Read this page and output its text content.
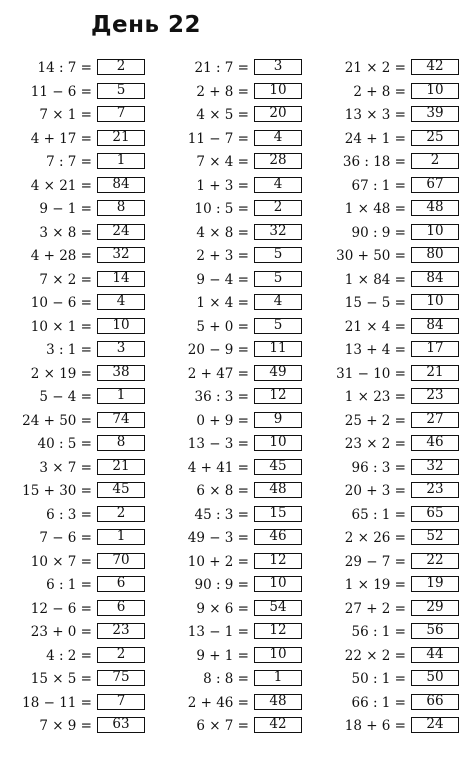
День 22
14 : 7 =	2
11 − 6 =	5
7 × 1 =	7
4 + 17 =	21
7 : 7 =	1
4 × 21 =	84
9 − 1 =	8
3 × 8 =	24
4 + 28 =	32
7 × 2 =	14
10 − 6 =	4
10 × 1 =	10
3 : 1 =	3
2 × 19 =	38
5 − 4 =	1
24 + 50 =	74
40 : 5 =	8
3 × 7 =	21
15 + 30 =	45
6 : 3 =	2
7 − 6 =	1
10 × 7 =	70
6 : 1 =	6
12 − 6 =	6
23 + 0 =	23
4 : 2 =	2
15 × 5 =	75
18 − 11 =	7
7 × 9 =	63
21 : 7 =	3
2 + 8 =	10
4 × 5 =	20
11 − 7 =	4
7 × 4 =	28
1 + 3 =	4
10 : 5 =	2
4 × 8 =	32
2 + 3 =	5
9 − 4 =	5
1 × 4 =	4
5 + 0 =	5
20 − 9 =	11
2 + 47 =	49
36 : 3 =	12
0 + 9 =	9
13 − 3 =	10
4 + 41 =	45
6 × 8 =	48
45 : 3 =	15
49 − 3 =	46
10 + 2 =	12
90 : 9 =	10
9 × 6 =	54
13 − 1 =	12
9 + 1 =	10
8 : 8 =	1
2 + 46 =	48
6 × 7 =	42
21 × 2 =	42
2 + 8 =	10
13 × 3 =	39
24 + 1 =	25
36 : 18 =	2
67 : 1 =	67
1 × 48 =	48
90 : 9 =	10
30 + 50 =	80
1 × 84 =	84
15 − 5 =	10
21 × 4 =	84
13 + 4 =	17
31 − 10 =	21
1 × 23 =	23
25 + 2 =	27
23 × 2 =	46
96 : 3 =	32
20 + 3 =	23
65 : 1 =	65
2 × 26 =	52
29 − 7 =	22
1 × 19 =	19
27 + 2 =	29
56 : 1 =	56
22 × 2 =	44
50 : 1 =	50
66 : 1 =	66
18 + 6 =	24
